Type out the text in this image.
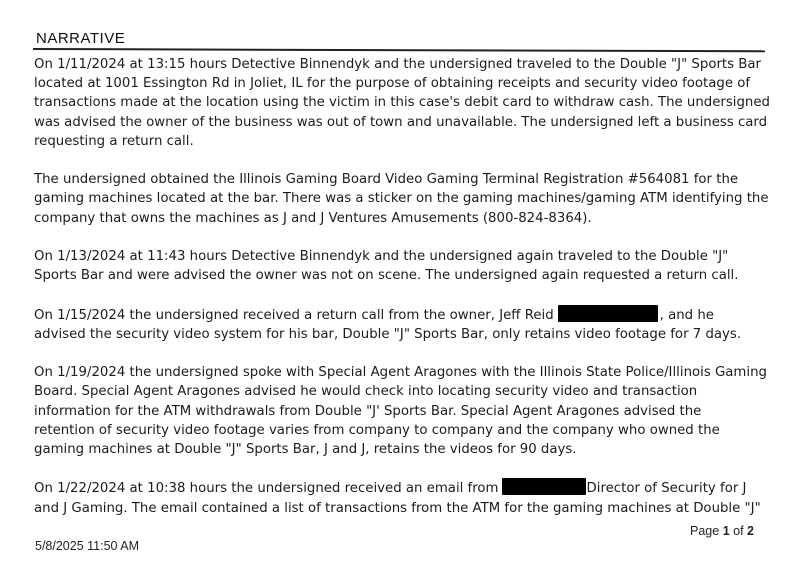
NARRATIVE

On 1/11/2024 at 13:15 hours Detective Binnendyk and the undersigned traveled to the Double "J" Sports Bar
located at 1001 Essington Rd in Joliet, IL for the purpose of obtaining receipts and security video footage of
transactions made at the location using the victim in this case's debit card to withdraw cash. The undersigned
was advised the owner of the business was out of town and unavailable. The undersigned left a business card
requesting a return call.

The undersigned obtained the Illinois Gaming Board Video Gaming Terminal Registration #564081 for the
gaming machines located at the bar. There was a sticker on the gaming machines/gaming ATM identifying the
company that owns the machines as J and J Ventures Amusements (800-824-8364).

On 1/13/2024 at 11:43 hours Detective Binnendyk and the undersigned again traveled to the Double "J"
Sports Bar and were advised the owner was not on scene. The undersigned again requested a return call.

On 1/15/2024 the undersigned received a return call from the owner, Jeff Reid	, and he
advised the security video system for his bar, Double "J" Sports Bar, only retains video footage for 7 days.

On 1/19/2024 the undersigned spoke with Special Agent Aragones with the Illinois State Police/Illinois Gaming
Board. Special Agent Aragones advised he would check into locating security video and transaction
information for the ATM withdrawals from Double "J' Sports Bar. Special Agent Aragones advised the
retention of security video footage varies from company to company and the company who owned the
gaming machines at Double "J" Sports Bar, J and J, retains the videos for 90 days.

On 1/22/2024 at 10:38 hours the undersigned received an email from	Director of Security for J
and J Gaming. The email contained a list of transactions from the ATM for the gaming machines at Double "J"

Page 1 of 2
5/8/2025 11:50 AM
